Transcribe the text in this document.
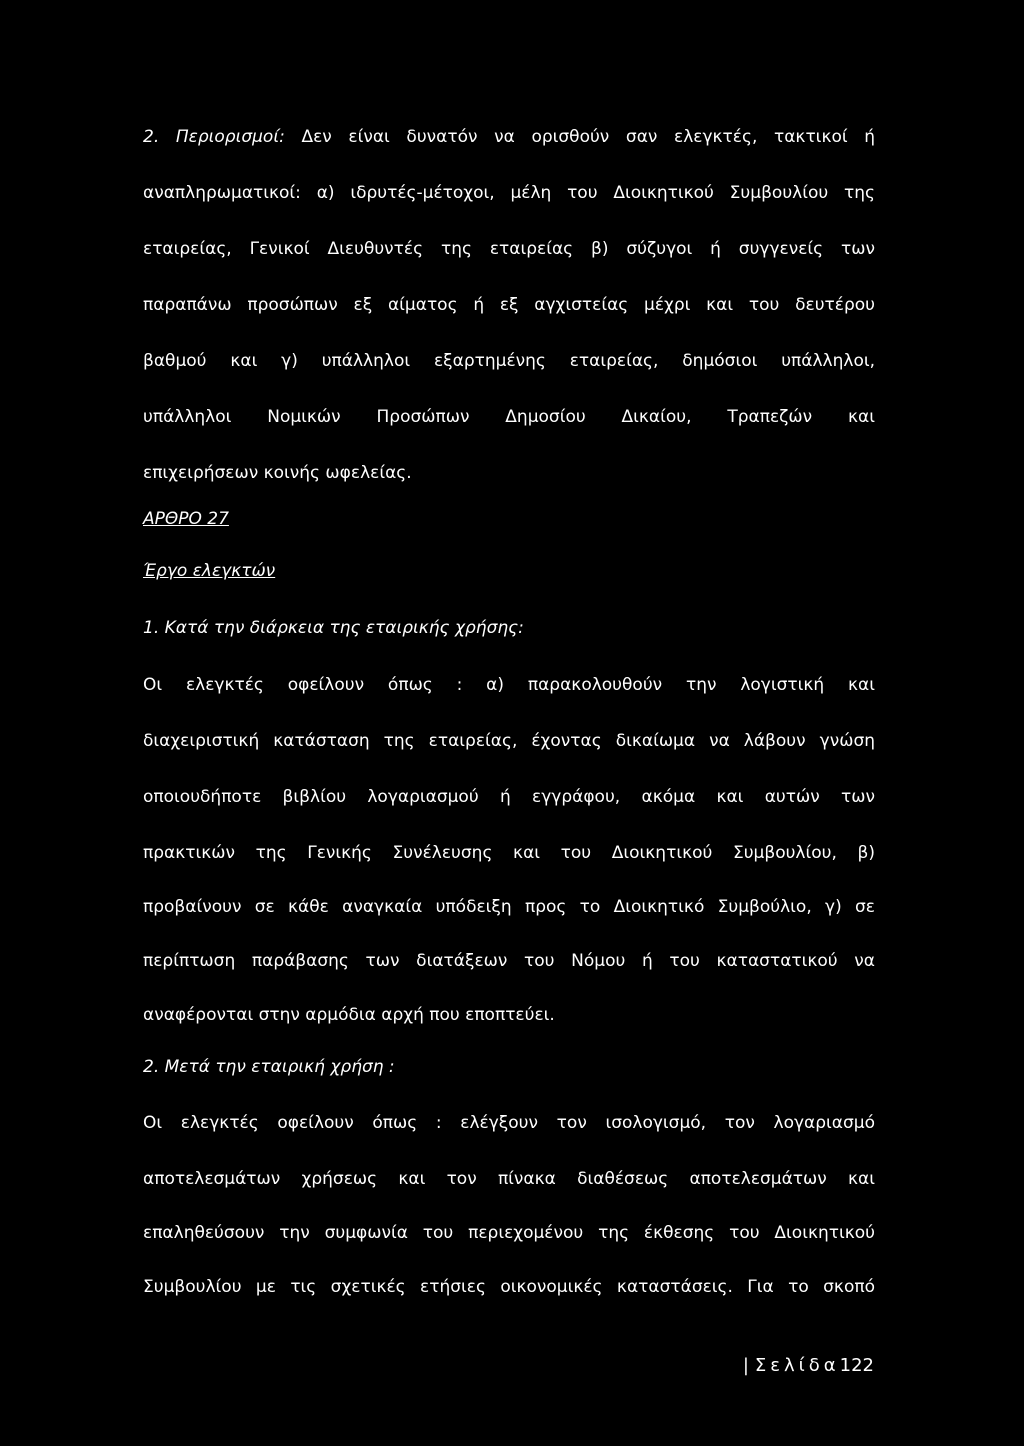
2. Περιορισμοί: Δεν είναι δυνατόν να ορισθούν σαν ελεγκτές, τακτικοί ή
αναπληρωματικοί: α) ιδρυτές-μέτοχοι, μέλη του Διοικητικού Συμβουλίου της
εταιρείας, Γενικοί Διευθυντές της εταιρείας β) σύζυγοι ή συγγενείς των
παραπάνω προσώπων εξ αίματος ή εξ αγχιστείας μέχρι και του δευτέρου
βαθμού και γ) υπάλληλοι εξαρτημένης εταιρείας, δημόσιοι υπάλληλοι,
υπάλληλοι Νομικών Προσώπων Δημοσίου Δικαίου, Τραπεζών και
επιχειρήσεων κοινής ωφελείας.
ΑΡΘΡΟ 27
Έργο ελεγκτών
1. Κατά την διάρκεια της εταιρικής χρήσης:
Οι ελεγκτές οφείλουν όπως : α) παρακολουθούν την λογιστική και
διαχειριστική κατάσταση της εταιρείας, έχοντας δικαίωμα να λάβουν γνώση
οποιουδήποτε βιβλίου λογαριασμού ή εγγράφου, ακόμα και αυτών των
πρακτικών της Γενικής Συνέλευσης και του Διοικητικού Συμβουλίου, β)
προβαίνουν σε κάθε αναγκαία υπόδειξη προς το Διοικητικό Συμβούλιο, γ) σε
περίπτωση παράβασης των διατάξεων του Νόμου ή του καταστατικού να
αναφέρονται στην αρμόδια αρχή που εποπτεύει.
2. Μετά την εταιρική χρήση :
Οι ελεγκτές οφείλουν όπως : ελέγξουν τον ισολογισμό, τον λογαριασμό
αποτελεσμάτων χρήσεως και τον πίνακα διαθέσεως αποτελεσμάτων και
επαληθεύσουν την συμφωνία του περιεχομένου της έκθεσης του Διοικητικού
Συμβουλίου με τις σχετικές ετήσιες οικονομικές καταστάσεις. Για το σκοπό
| Σελίδα122
